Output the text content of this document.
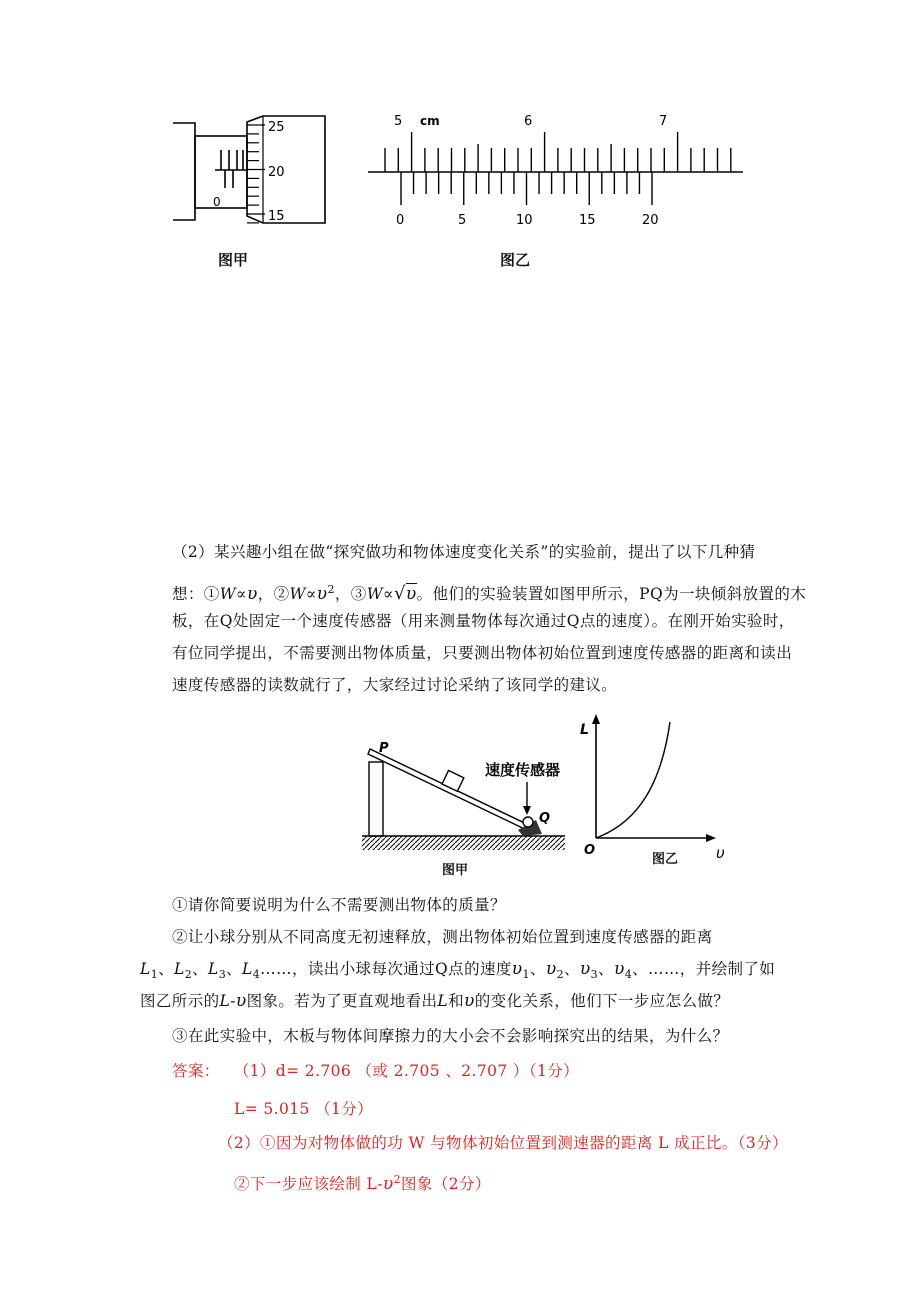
0
25
20
15
图甲
5 cm	6	7
0	5	10	15	20
图乙
（2）某兴趣小组在做“探究做功和物体速度变化关系”的实验前，提出了以下几种猜
想：①W∝υ，$②W\propto\upsilon^2$，③W∝√υ。他们的实验装置如图甲所示，PQ为一块倾斜放置的木
板，在Q处固定一个速度传感器（用来测量物体每次通过Q点的速度）。在刚开始实验时，
有位同学提出，不需要测出物体质量，只要测出物体初始位置到速度传感器的距离和读出
速度传感器的读数就行了，大家经过讨论采纳了该同学的建议。
P
Q
速度传感器
图甲
L
O	υ
图乙
①请你简要说明为什么不需要测出物体的质量？
②让小球分别从不同高度无初速释放，测出物体初始位置到速度传感器的距离
$L_1$、$L_2$、$L_3$、$L_4\dots\dots$，读出小球每次通过Q点的速度$\upsilon_1$、$\upsilon_2$、$\upsilon_3$、$\upsilon_4$、……，并绘制了如
图乙所示的L-υ图象。若为了更直观地看出L和υ的变化关系，他们下一步应怎么做？
③在此实验中，木板与物体间摩擦力的大小会不会影响探究出的结果，为什么？
答案： （1）d= 2.706 （或 2.705 、2.707 ）（1分）
L= 5.015 （1分）
（2）①因为对物体做的功 W 与物体初始位置到测速器的距离 L 成正比。（3分）
②下一步应该绘制 $L-\upsilon^2$图象（2分）
